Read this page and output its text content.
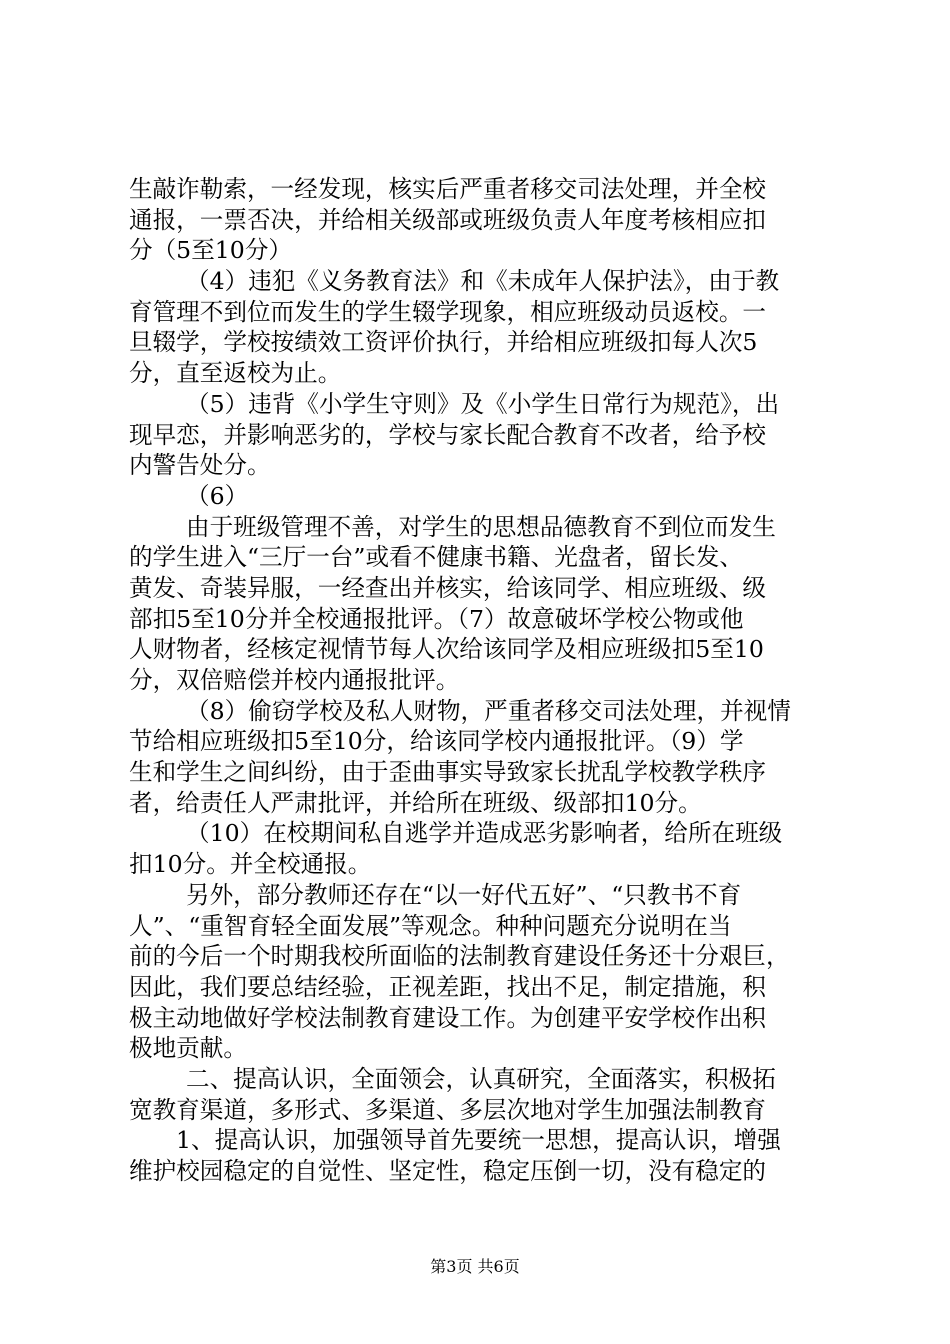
生敲诈勒索，一经发现，核实后严重者移交司法处理，并全校
通报，一票否决，并给相关级部或班级负责人年度考核相应扣
分（5至10分）
（4）违犯《义务教育法》和《未成年人保护法》，由于教
育管理不到位而发生的学生辍学现象，相应班级动员返校。一
旦辍学，学校按绩效工资评价执行，并给相应班级扣每人次5
分，直至返校为止。
（5）违背《小学生守则》及《小学生日常行为规范》，出
现早恋，并影响恶劣的，学校与家长配合教育不改者，给予校
内警告处分。
（6）
由于班级管理不善，对学生的思想品德教育不到位而发生
的学生进入“三厅一台”或看不健康书籍、光盘者，留长发、
黄发、奇装异服，一经查出并核实，给该同学、相应班级、级
部扣5至10分并全校通报批评。（7）故意破坏学校公物或他
人财物者，经核定视情节每人次给该同学及相应班级扣5至10
分，双倍赔偿并校内通报批评。
（8）偷窃学校及私人财物，严重者移交司法处理，并视情
节给相应班级扣5至10分，给该同学校内通报批评。（9）学
生和学生之间纠纷，由于歪曲事实导致家长扰乱学校教学秩序
者，给责任人严肃批评，并给所在班级、级部扣10分。
（10）在校期间私自逃学并造成恶劣影响者，给所在班级
扣10分。并全校通报。
另外，部分教师还存在“以一好代五好”、“只教书不育
人”、“重智育轻全面发展”等观念。种种问题充分说明在当
前的今后一个时期我校所面临的法制教育建设任务还十分艰巨，
因此，我们要总结经验，正视差距，找出不足，制定措施，积
极主动地做好学校法制教育建设工作。为创建平安学校作出积
极地贡献。
二、提高认识，全面领会，认真研究，全面落实，积极拓
宽教育渠道，多形式、多渠道、多层次地对学生加强法制教育
1、提高认识，加强领导首先要统一思想，提高认识，增强
维护校园稳定的自觉性、坚定性，稳定压倒一切，没有稳定的
第3页 共6页
